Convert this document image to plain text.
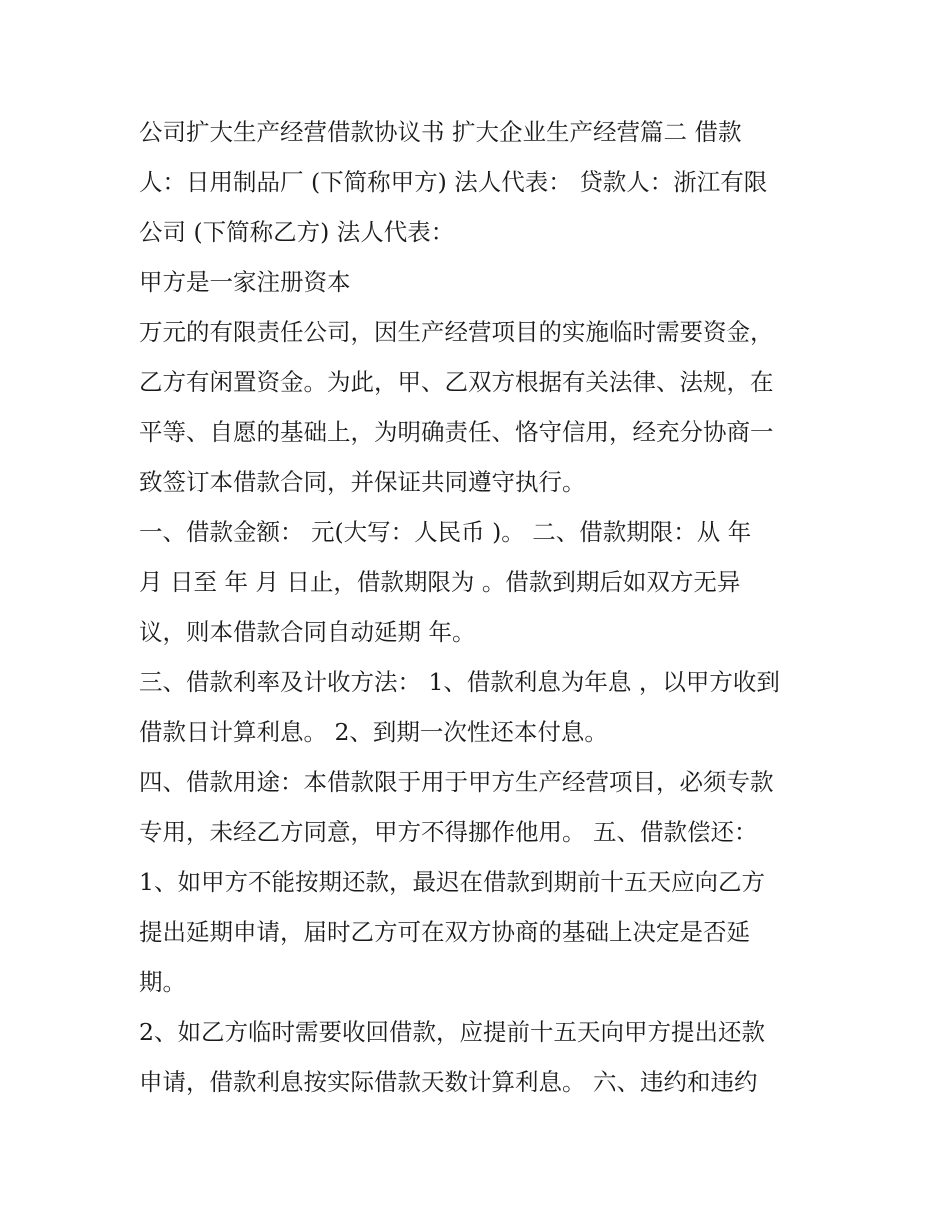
公司扩大生产经营借款协议书 扩大企业生产经营篇二 借款
人：日用制品厂 (下简称甲方) 法人代表： 贷款人：浙江有限
公司 (下简称乙方) 法人代表：
甲方是一家注册资本
万元的有限责任公司，因生产经营项目的实施临时需要资金，
乙方有闲置资金。为此，甲、乙双方根据有关法律、法规，在
平等、自愿的基础上，为明确责任、恪守信用，经充分协商一
致签订本借款合同，并保证共同遵守执行。
一、借款金额： 元(大写：人民币 )。 二、借款期限：从 年
月 日至 年 月 日止，借款期限为 。借款到期后如双方无异
议，则本借款合同自动延期 年。
三、借款利率及计收方法： 1、借款利息为年息 ，以甲方收到
借款日计算利息。 2、到期一次性还本付息。
四、借款用途：本借款限于用于甲方生产经营项目，必须专款
专用，未经乙方同意，甲方不得挪作他用。 五、借款偿还：
1、如甲方不能按期还款，最迟在借款到期前十五天应向乙方
提出延期申请，届时乙方可在双方协商的基础上决定是否延
期。
2、如乙方临时需要收回借款，应提前十五天向甲方提出还款
申请，借款利息按实际借款天数计算利息。 六、违约和违约
